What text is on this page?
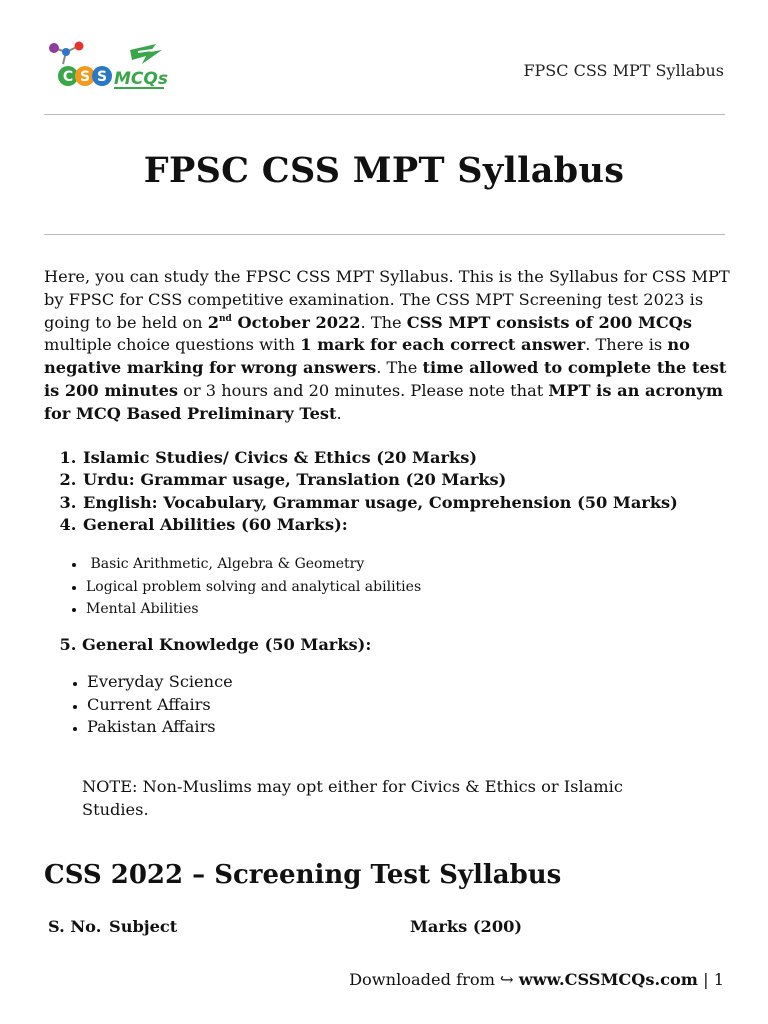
C S S MCQs	FPSC CSS MPT Syllabus
FPSC CSS MPT Syllabus

Here, you can study the FPSC CSS MPT Syllabus. This is the Syllabus for CSS MPT by FPSC for CSS competitive examination. The CSS MPT Screening test 2023 is going to be held on 2nd October 2022. The CSS MPT consists of 200 MCQs multiple choice questions with 1 mark for each correct answer. There is no negative marking for wrong answers. The time allowed to complete the test is 200 minutes or 3 hours and 20 minutes. Please note that MPT is an acronym for MCQ Based Preliminary Test.

1. Islamic Studies/ Civics & Ethics (20 Marks)
2. Urdu: Grammar usage, Translation (20 Marks)
3. English: Vocabulary, Grammar usage, Comprehension (50 Marks)
4. General Abilities (60 Marks):
•  Basic Arithmetic, Algebra & Geometry
• Logical problem solving and analytical abilities
• Mental Abilities
5. General Knowledge (50 Marks):
• Everyday Science
• Current Affairs
• Pakistan Affairs

NOTE: Non-Muslims may opt either for Civics & Ethics or Islamic Studies.

CSS 2022 – Screening Test Syllabus
S. No. Subject	Marks (200)
Downloaded from ↪ www.CSSMCQs.com | 1
